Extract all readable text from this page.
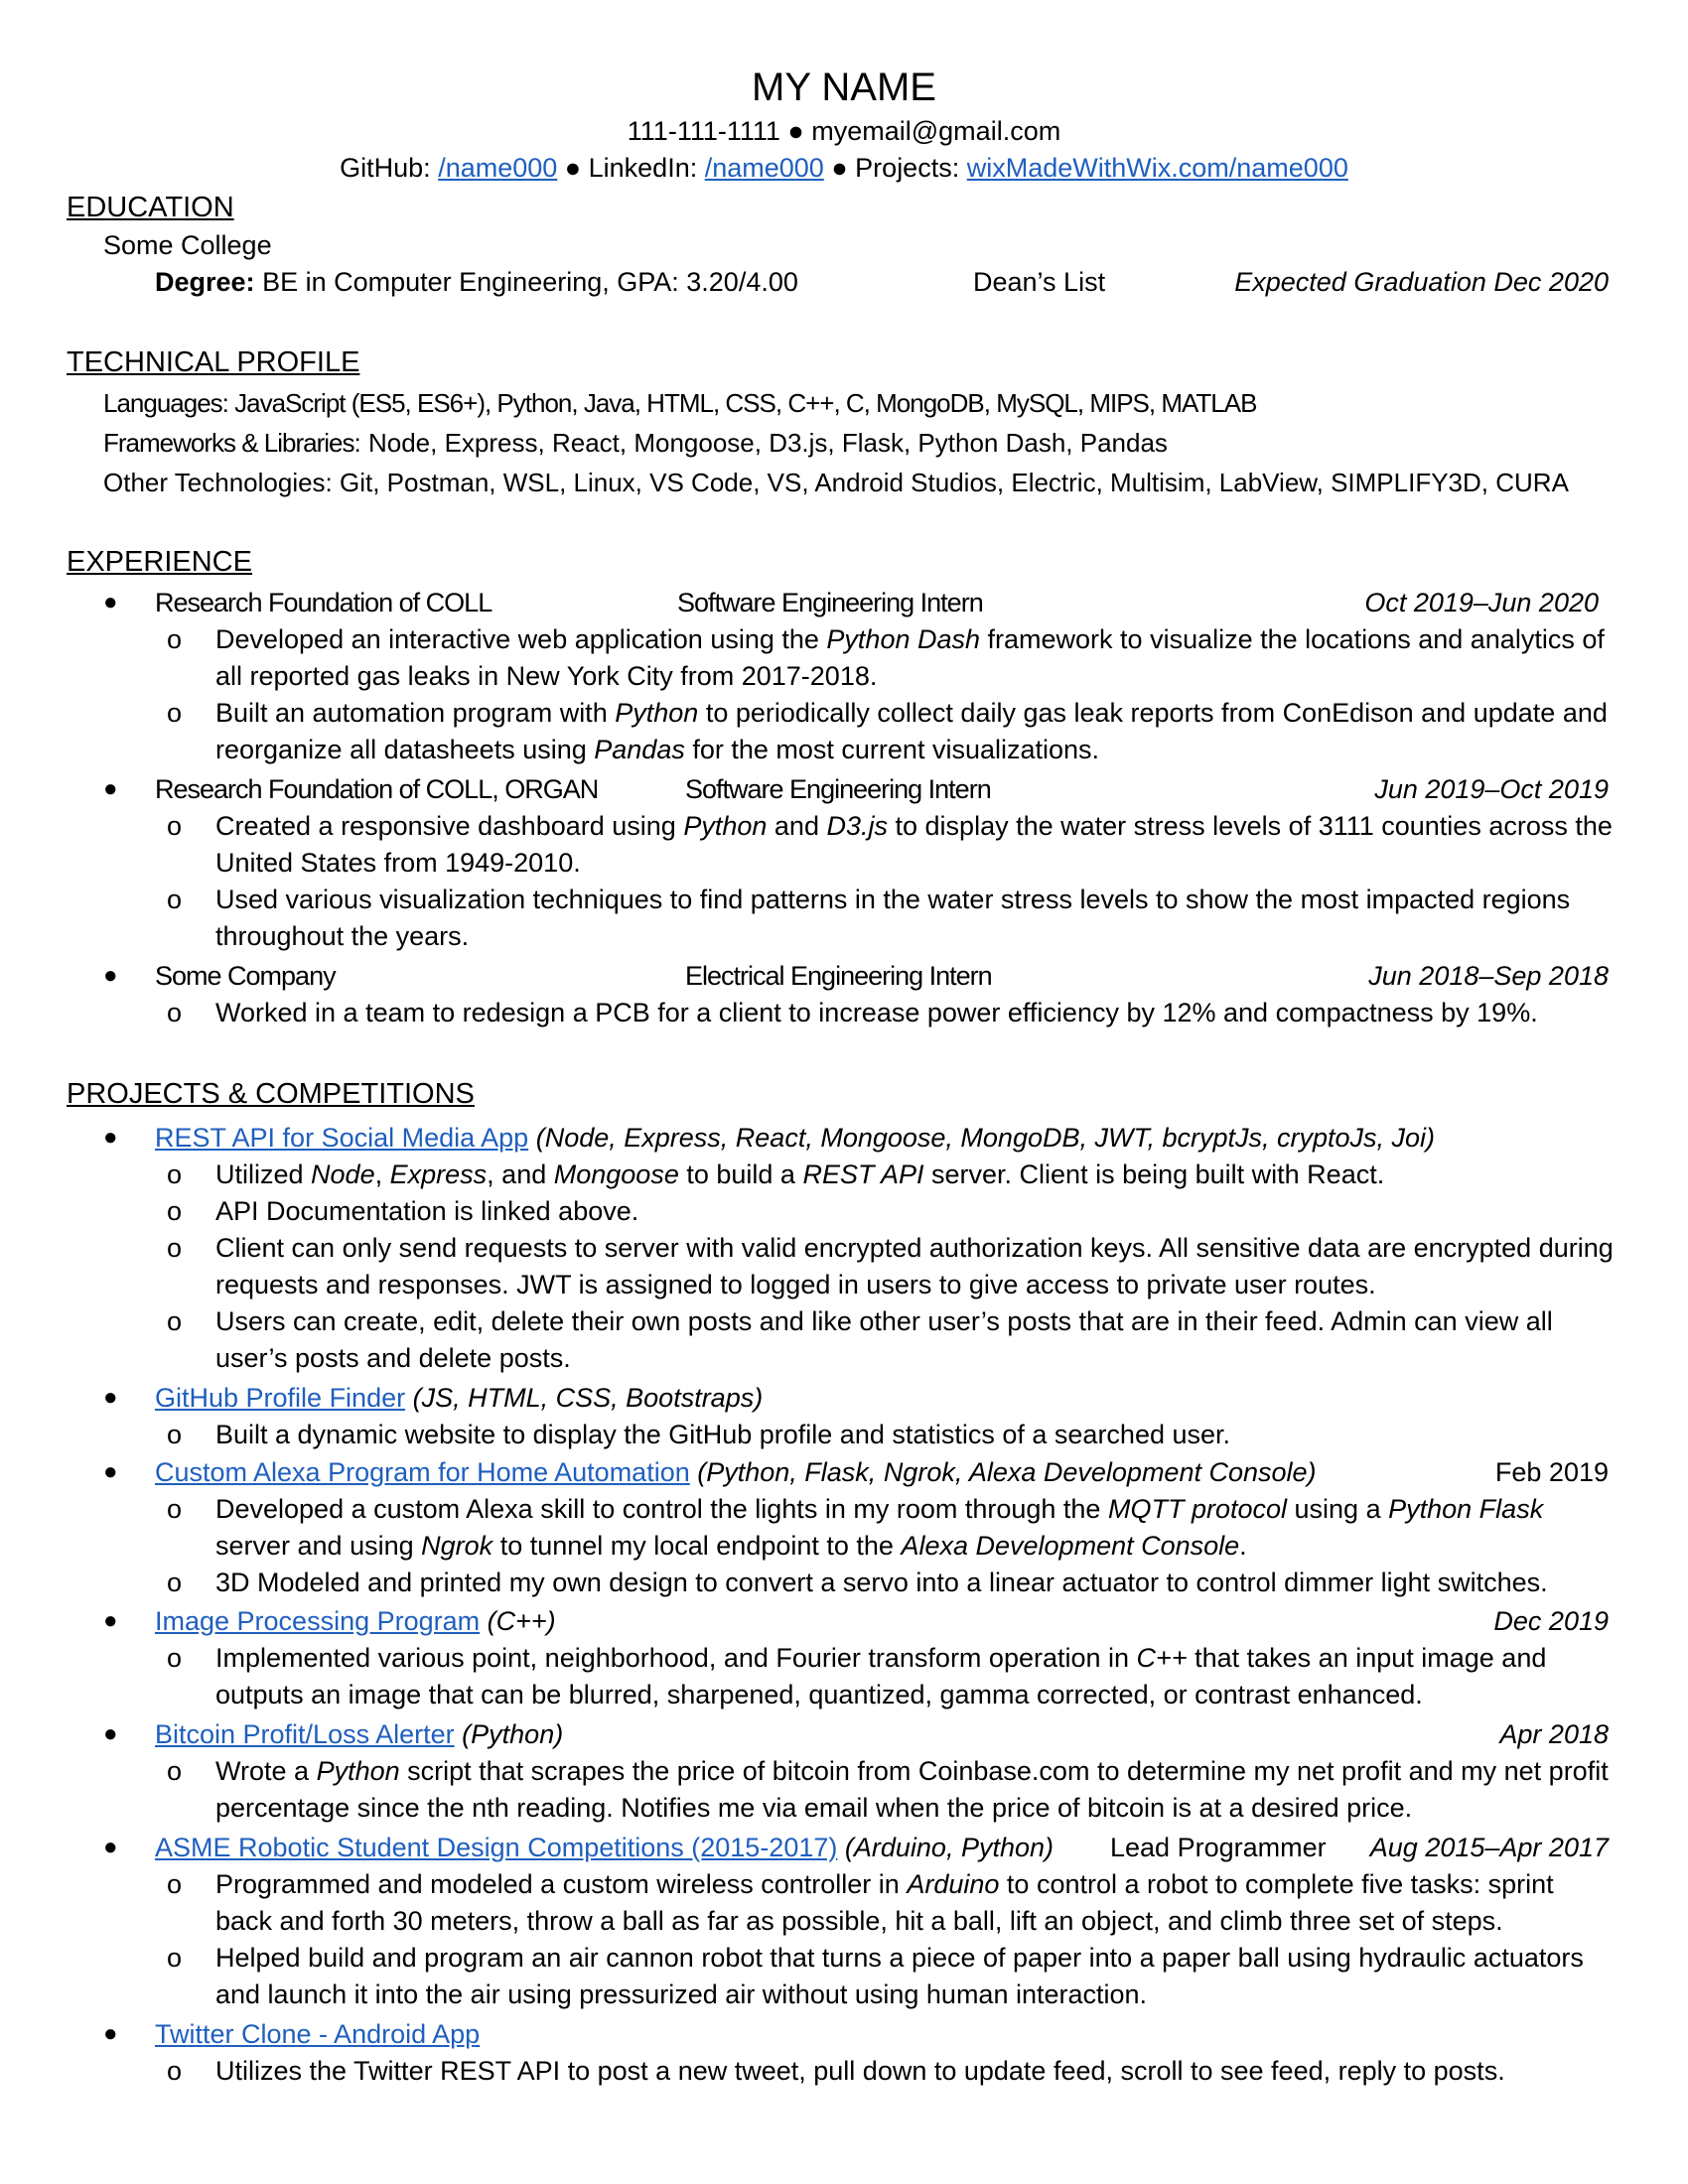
MY NAME
111-111-1111 ● myemail@gmail.com
GitHub: /name000 ● LinkedIn: /name000 ● Projects: wixMadeWithWix.com/name000
EDUCATION
Some College
Degree: BE in Computer Engineering, GPA: 3.20/4.00	Dean’s List	Expected Graduation Dec 2020
TECHNICAL PROFILE
Languages: JavaScript (ES5, ES6+), Python, Java, HTML, CSS, C++, C, MongoDB, MySQL, MIPS, MATLAB
Frameworks & Libraries: Node, Express, React, Mongoose, D3.js, Flask, Python Dash, Pandas
Other Technologies: Git, Postman, WSL, Linux, VS Code, VS, Android Studios, Electric, Multisim, LabView, SIMPLIFY3D, CURA
EXPERIENCE
● Research Foundation of COLL	Software Engineering Intern	Oct 2019–Jun 2020
o Developed an interactive web application using the Python Dash framework to visualize the locations and analytics of all reported gas leaks in New York City from 2017-2018.
o Built an automation program with Python to periodically collect daily gas leak reports from ConEdison and update and reorganize all datasheets using Pandas for the most current visualizations.
● Research Foundation of COLL, ORGAN	Software Engineering Intern	Jun 2019–Oct 2019
o Created a responsive dashboard using Python and D3.js to display the water stress levels of 3111 counties across the United States from 1949-2010.
o Used various visualization techniques to find patterns in the water stress levels to show the most impacted regions throughout the years.
● Some Company	Electrical Engineering Intern	Jun 2018–Sep 2018
o Worked in a team to redesign a PCB for a client to increase power efficiency by 12% and compactness by 19%.
PROJECTS & COMPETITIONS
● REST API for Social Media App (Node, Express, React, Mongoose, MongoDB, JWT, bcryptJs, cryptoJs, Joi)
o Utilized Node, Express, and Mongoose to build a REST API server. Client is being built with React.
o API Documentation is linked above.
o Client can only send requests to server with valid encrypted authorization keys. All sensitive data are encrypted during requests and responses. JWT is assigned to logged in users to give access to private user routes.
o Users can create, edit, delete their own posts and like other user’s posts that are in their feed. Admin can view all user’s posts and delete posts.
● GitHub Profile Finder (JS, HTML, CSS, Bootstraps)
o Built a dynamic website to display the GitHub profile and statistics of a searched user.
● Custom Alexa Program for Home Automation (Python, Flask, Ngrok, Alexa Development Console)	Feb 2019
o Developed a custom Alexa skill to control the lights in my room through the MQTT protocol using a Python Flask server and using Ngrok to tunnel my local endpoint to the Alexa Development Console.
o 3D Modeled and printed my own design to convert a servo into a linear actuator to control dimmer light switches.
● Image Processing Program (C++)	Dec 2019
o Implemented various point, neighborhood, and Fourier transform operation in C++ that takes an input image and outputs an image that can be blurred, sharpened, quantized, gamma corrected, or contrast enhanced.
● Bitcoin Profit/Loss Alerter (Python)	Apr 2018
o Wrote a Python script that scrapes the price of bitcoin from Coinbase.com to determine my net profit and my net profit percentage since the nth reading. Notifies me via email when the price of bitcoin is at a desired price.
● ASME Robotic Student Design Competitions (2015-2017) (Arduino, Python) Lead Programmer Aug 2015–Apr 2017
o Programmed and modeled a custom wireless controller in Arduino to control a robot to complete five tasks: sprint back and forth 30 meters, throw a ball as far as possible, hit a ball, lift an object, and climb three set of steps.
o Helped build and program an air cannon robot that turns a piece of paper into a paper ball using hydraulic actuators and launch it into the air using pressurized air without using human interaction.
● Twitter Clone - Android App
o Utilizes the Twitter REST API to post a new tweet, pull down to update feed, scroll to see feed, reply to posts.
